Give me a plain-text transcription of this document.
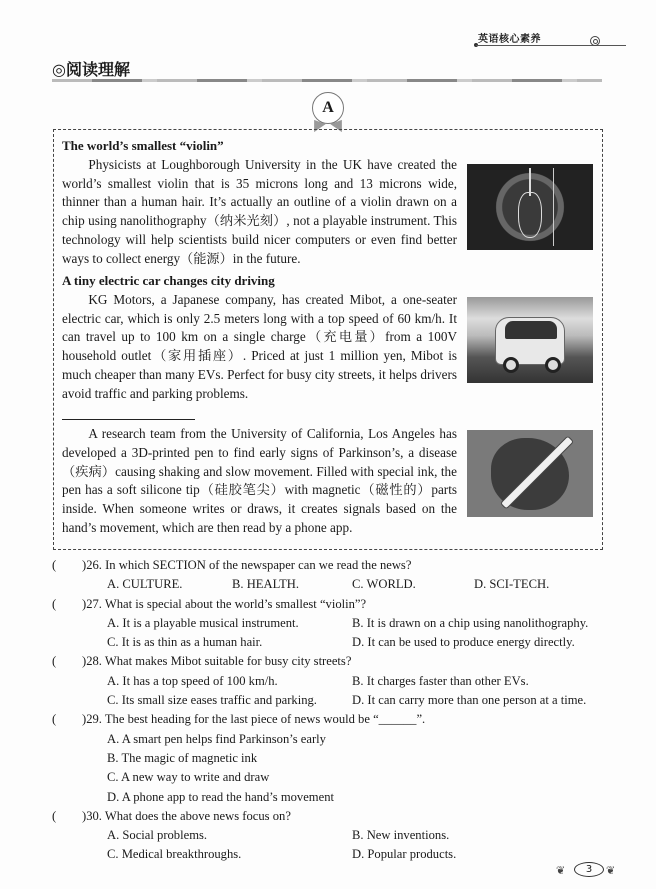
英语核心素养
◎阅读理解
A
The world’s smallest “violin”

Physicists at Loughborough University in the UK have created the world’s smallest violin that is 35 microns long and 13 microns wide, thinner than a human hair. It’s actually an outline of a violin drawn on a chip using nanolithography（纳米光刻）, not a playable instrument. This technology will help scientists build nicer computers or even find better ways to collect energy（能源）in the future.

A tiny electric car changes city driving

KG Motors, a Japanese company, has created Mibot, a one-seater electric car, which is only 2.5 meters long with a top speed of 60 km/h. It can travel up to 100 km on a single charge（充电量）from a 100V household outlet（家用插座）. Priced at just 1 million yen, Mibot is much cheaper than many EVs. Perfect for busy city streets, it helps drivers avoid traffic and parking problems.

A research team from the University of California, Los Angeles has developed a 3D-printed pen to find early signs of Parkinson’s, a disease（疾病）causing shaking and slow movement. Filled with special ink, the pen has a soft silicone tip（硅胶笔尖）with magnetic（磁性的）parts inside. When someone writes or draws, it creates signals based on the hand’s movement, which are then read by a phone app.

( )26. In which SECTION of the newspaper can we read the news?
A. CULTURE.	B. HEALTH.	C. WORLD.	D. SCI-TECH.
( )27. What is special about the world’s smallest “violin”?
A. It is a playable musical instrument.	B. It is drawn on a chip using nanolithography.
C. It is as thin as a human hair.	D. It can be used to produce energy directly.
( )28. What makes Mibot suitable for busy city streets?
A. It has a top speed of 100 km/h.	B. It charges faster than other EVs.
C. Its small size eases traffic and parking.	D. It can carry more than one person at a time.
( )29. The best heading for the last piece of news would be “______”.
A. A smart pen helps find Parkinson’s early
B. The magic of magnetic ink
C. A new way to write and draw
D. A phone app to read the hand’s movement
( )30. What does the above news focus on?
A. Social problems.	B. New inventions.
C. Medical breakthroughs.	D. Popular products.
❦	3	❦
